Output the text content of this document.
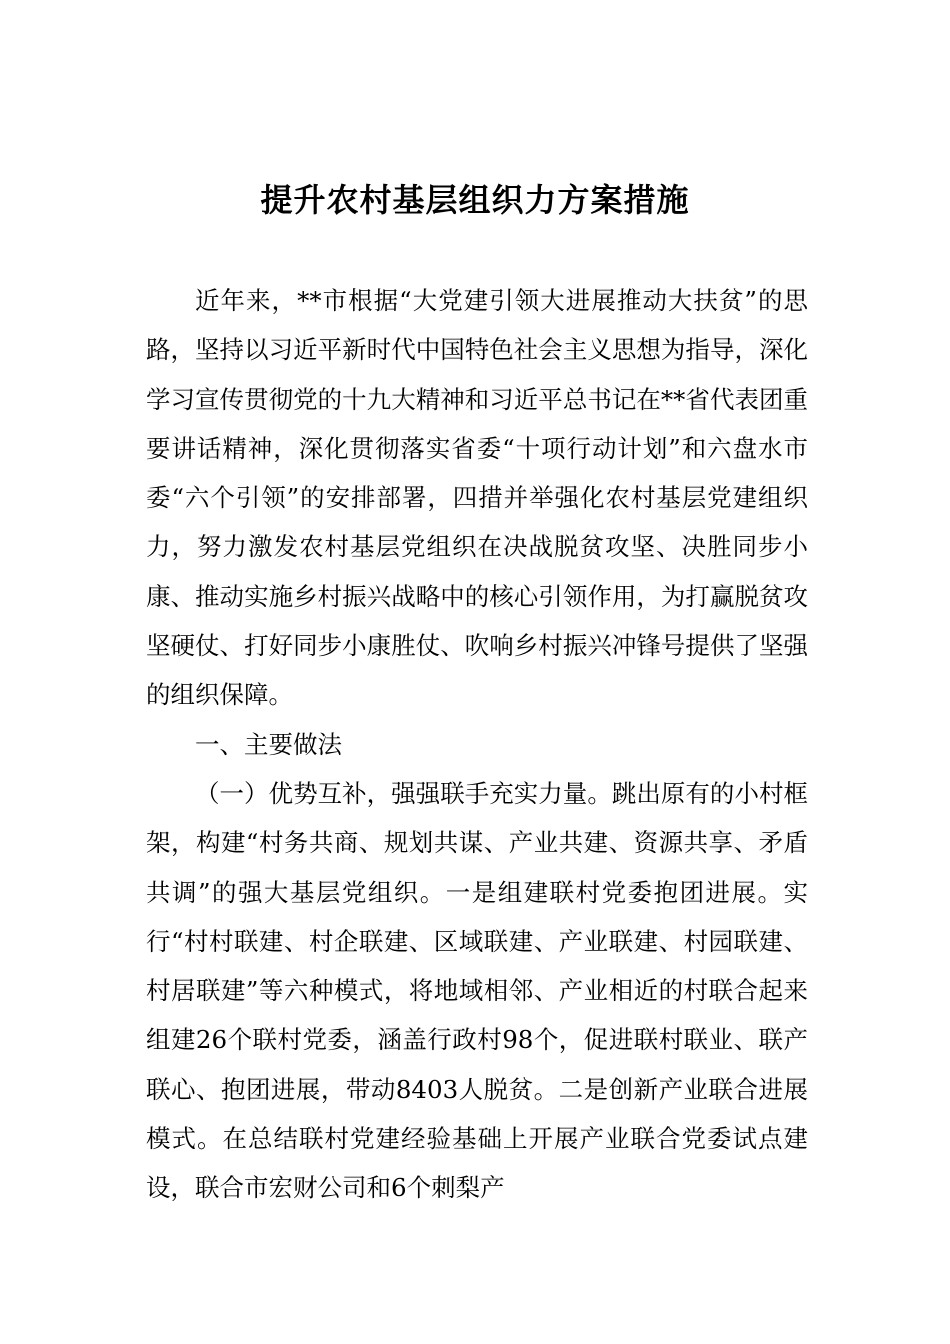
提升农村基层组织力方案措施

近年来，**市根据“大党建引领大进展推动大扶贫”的思路，坚持以习近平新时代中国特色社会主义思想为指导，深化学习宣传贯彻党的十九大精神和习近平总书记在**省代表团重要讲话精神，深化贯彻落实省委“十项行动计划”和六盘水市委“六个引领”的安排部署，四措并举强化农村基层党建组织力，努力激发农村基层党组织在决战脱贫攻坚、决胜同步小康、推动实施乡村振兴战略中的核心引领作用，为打赢脱贫攻坚硬仗、打好同步小康胜仗、吹响乡村振兴冲锋号提供了坚强的组织保障。

一、主要做法

（一）优势互补，强强联手充实力量。跳出原有的小村框架，构建“村务共商、规划共谋、产业共建、资源共享、矛盾共调”的强大基层党组织。一是组建联村党委抱团进展。实行“村村联建、村企联建、区域联建、产业联建、村园联建、村居联建”等六种模式，将地域相邻、产业相近的村联合起来组建26个联村党委，涵盖行政村98个，促进联村联业、联产联心、抱团进展，带动8403人脱贫。二是创新产业联合进展模式。在总结联村党建经验基础上开展产业联合党委试点建设，联合市宏财公司和6个刺梨产
